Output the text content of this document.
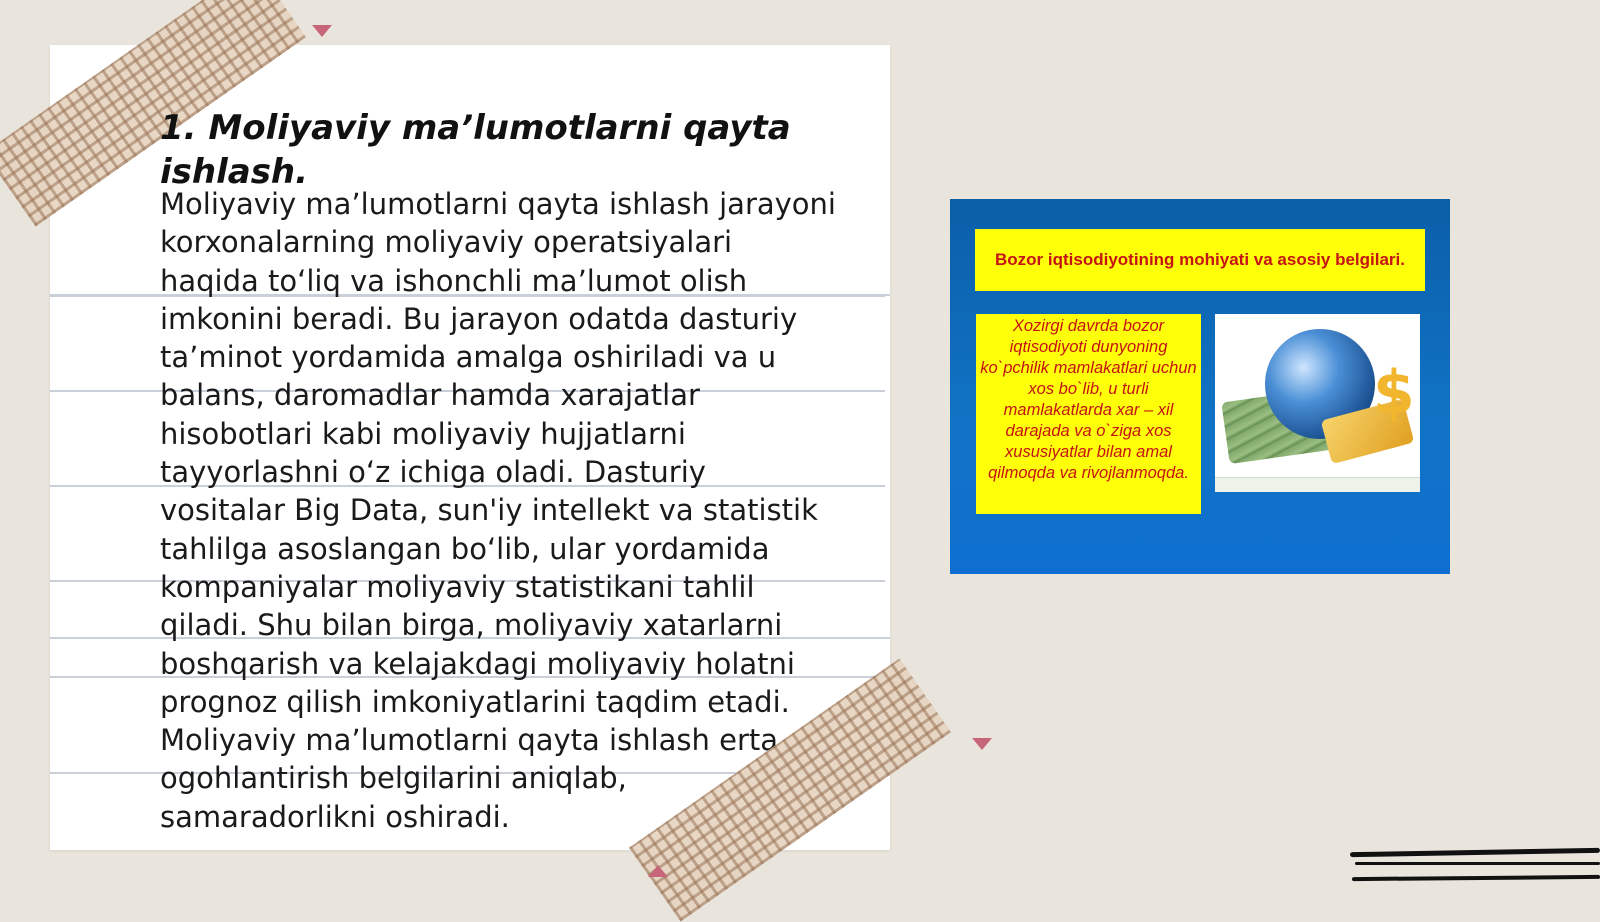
1. Moliyaviy ma’lumotlarni qayta ishlash.

Moliyaviy ma’lumotlarni qayta ishlash jarayoni korxonalarning moliyaviy operatsiyalari haqida to‘liq va ishonchli ma’lumot olish imkonini beradi. Bu jarayon odatda dasturiy ta’minot yordamida amalga oshiriladi va u balans, daromadlar hamda xarajatlar hisobotlari kabi moliyaviy hujjatlarni tayyorlashni o‘z ichiga oladi. Dasturiy vositalar Big Data, sun'iy intellekt va statistik tahlilga asoslangan bo‘lib, ular yordamida kompaniyalar moliyaviy statistikani tahlil qiladi. Shu bilan birga, moliyaviy xatarlarni boshqarish va kelajakdagi moliyaviy holatni prognoz qilish imkoniyatlarini taqdim etadi. Moliyaviy ma’lumotlarni qayta ishlash erta ogohlantirish belgilarini aniqlab, samaradorlikni oshiradi.

Bozor iqtisodiyotining mohiyati va asosiy belgilari.
Xozirgi davrda bozor iqtisodiyoti dunyoning ko`pchilik mamlakatlari uchun xos bo`lib, u turli mamlakatlarda xar – xil darajada va o`ziga xos xususiyatlar bilan amal qilmoqda va rivojlanmoqda.
$
